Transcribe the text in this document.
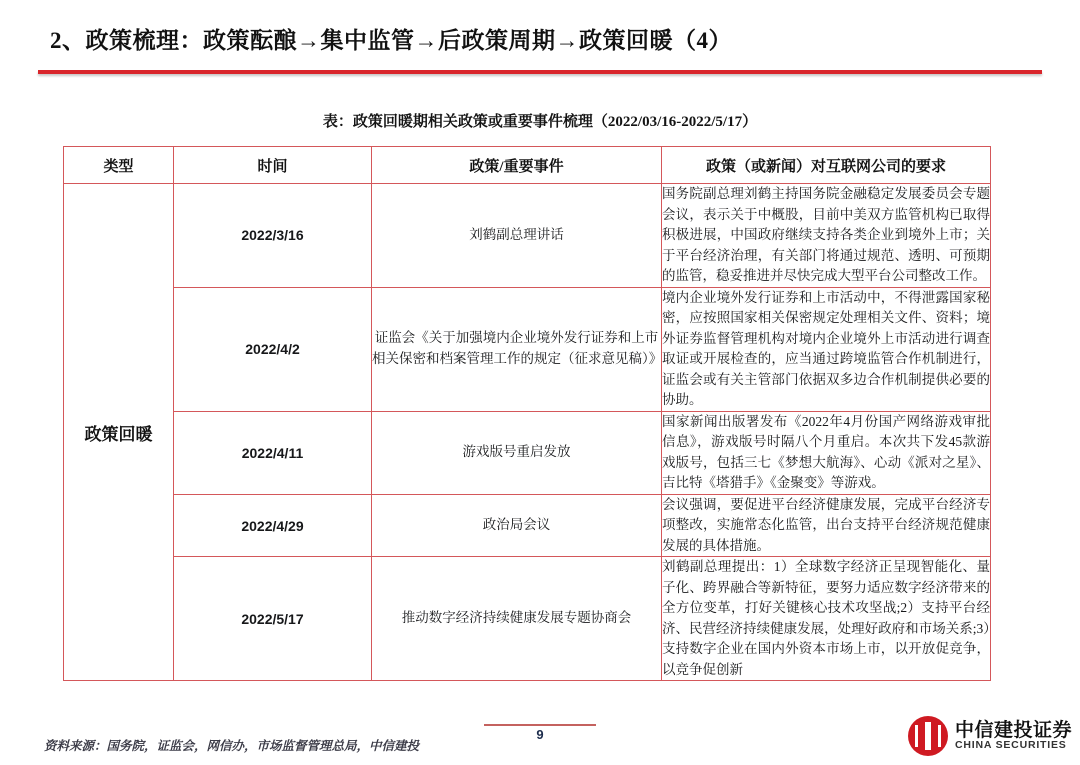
2、政策梳理：政策酝酿→集中监管→后政策周期→政策回暖（4）
表：政策回暖期相关政策或重要事件梳理（2022/03/16-2022/5/17）
类型	时间	政策/重要事件	政策（或新闻）对互联网公司的要求
政策回暖	2022/3/16	刘鹤副总理讲话	国务院副总理刘鹤主持国务院金融稳定发展委员会专题会议，表示关于中概股，目前中美双方监管机构已取得积极进展，中国政府继续支持各类企业到境外上市；关于平台经济治理，有关部门将通过规范、透明、可预期的监管，稳妥推进并尽快完成大型平台公司整改工作。
	2022/4/2	证监会《关于加强境内企业境外发行证券和上市相关保密和档案管理工作的规定（征求意见稿）》	境内企业境外发行证券和上市活动中，不得泄露国家秘密，应按照国家相关保密规定处理相关文件、资料；境外证券监督管理机构对境内企业境外上市活动进行调查取证或开展检查的，应当通过跨境监管合作机制进行，证监会或有关主管部门依据双多边合作机制提供必要的协助。
	2022/4/11	游戏版号重启发放	国家新闻出版署发布《2022年4月份国产网络游戏审批信息》，游戏版号时隔八个月重启。本次共下发45款游戏版号，包括三七《梦想大航海》、心动《派对之星》、吉比特《塔猎手》《金聚变》等游戏。
	2022/4/29	政治局会议	会议强调，要促进平台经济健康发展，完成平台经济专项整改，实施常态化监管，出台支持平台经济规范健康发展的具体措施。
	2022/5/17	推动数字经济持续健康发展专题协商会	刘鹤副总理提出：1）全球数字经济正呈现智能化、量子化、跨界融合等新特征，要努力适应数字经济带来的全方位变革，打好关键核心技术攻坚战;2）支持平台经济、民营经济持续健康发展，处理好政府和市场关系;3）支持数字企业在国内外资本市场上市，以开放促竞争，以竞争促创新
资料来源：国务院，证监会，网信办，市场监督管理总局，中信建投
9	中信建投证券
CHINA SECURITIES
